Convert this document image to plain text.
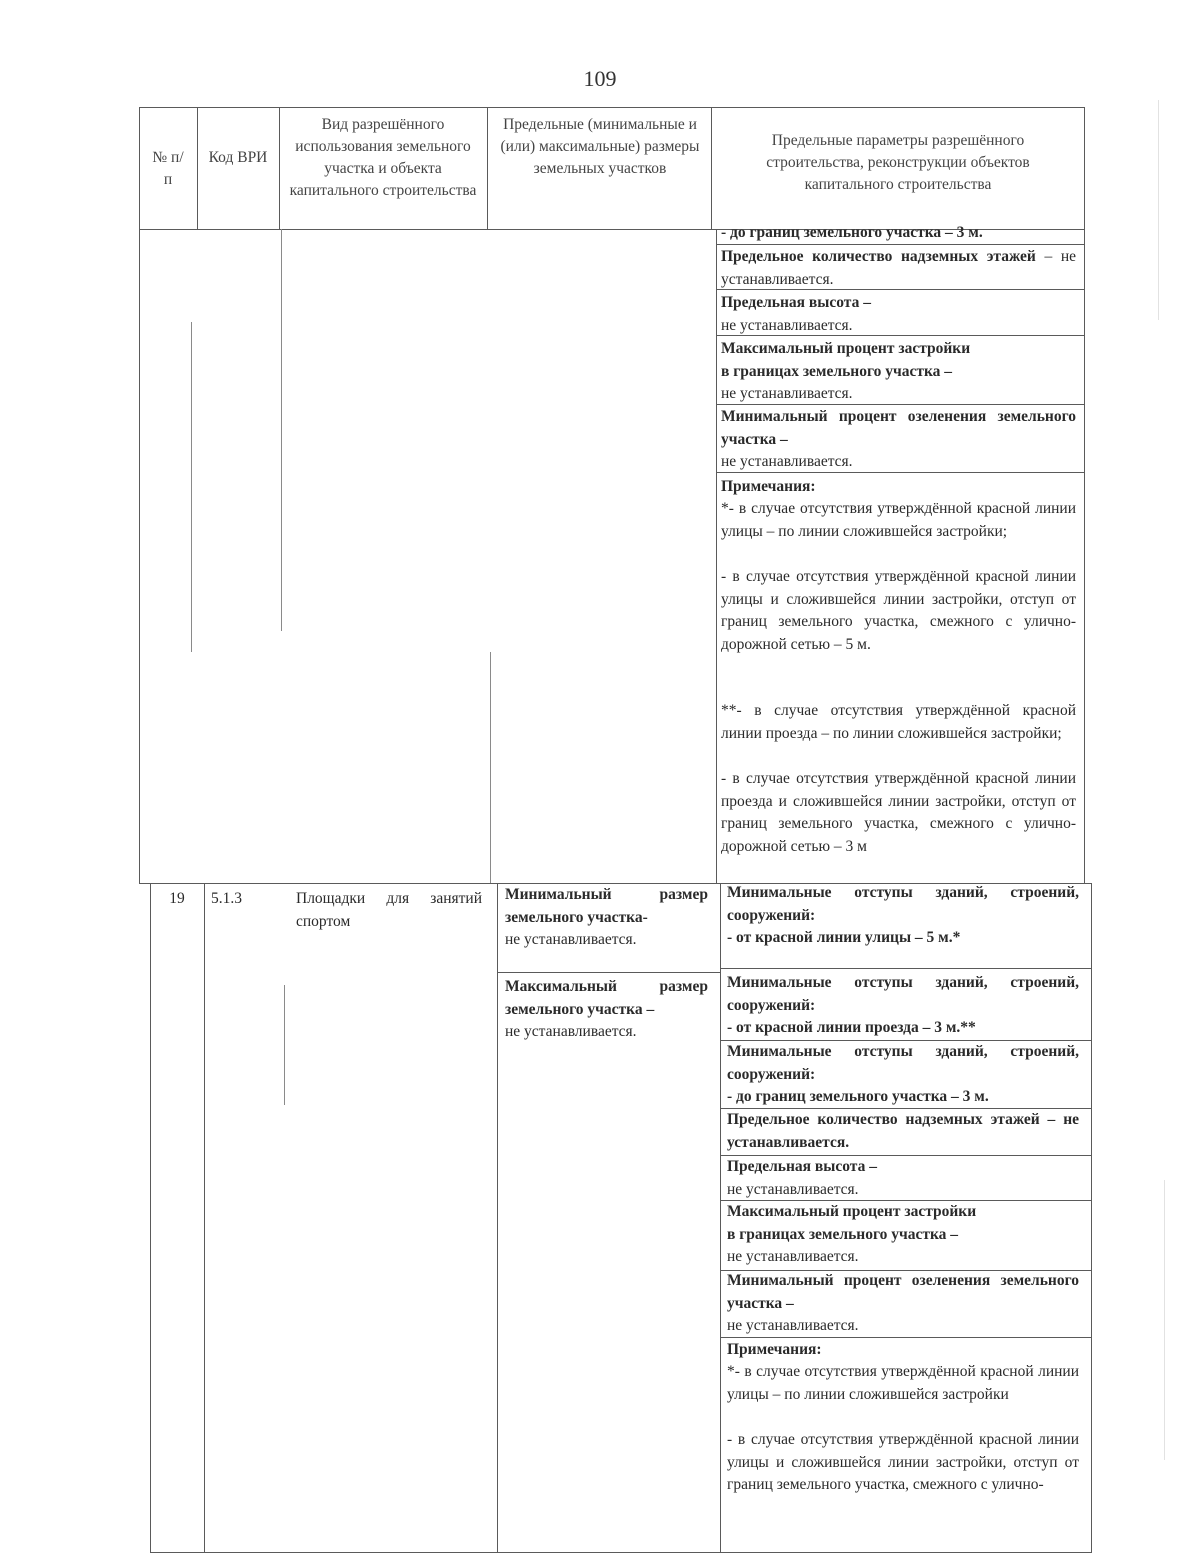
109
№ п/п
Код ВРИ
Вид разрешённого использования земельного участка и объекта капитального строительства
Предельные (минимальные и (или) максимальные) размеры земельных участков
Предельные параметры разрешённого строительства, реконструкции объектов капитального строительства
- до границ земельного участка – 3 м.
Предельное количество надземных этажей – не устанавливается.
Предельная высота –
не устанавливается.
Максимальный процент застройки
в границах земельного участка –
не устанавливается.
Минимальный процент озеленения земельного участка –
не устанавливается.
Примечания:
*- в случае отсутствия утверждённой красной линии улицы – по линии сложившейся застройки;
- в случае отсутствия утверждённой красной линии улицы и сложившейся линии застройки, отступ от границ земельного участка, смежного с улично-дорожной сетью – 5 м.
**- в случае отсутствия утверждённой красной линии проезда – по линии сложившейся застройки;
- в случае отсутствия утверждённой красной линии проезда и сложившейся линии застройки, отступ от границ земельного участка, смежного с улично-дорожной сетью – 3 м
19	5.1.3	Площадки для занятий спортом
Минимальный размер земельного участка-
не устанавливается.
Максимальный размер земельного участка –
не устанавливается.
Минимальные отступы зданий, строений, сооружений:
- от красной линии улицы – 5 м.*
Минимальные отступы зданий, строений, сооружений:
- от красной линии проезда – 3 м.**
Минимальные отступы зданий, строений, сооружений:
- до границ земельного участка – 3 м.
Предельное количество надземных этажей – не устанавливается.
Предельная высота –
не устанавливается.
Максимальный процент застройки
в границах земельного участка –
не устанавливается.
Минимальный процент озеленения земельного участка –
не устанавливается.
Примечания:
*- в случае отсутствия утверждённой красной линии улицы – по линии сложившейся застройки
- в случае отсутствия утверждённой красной линии улицы и сложившейся линии застройки, отступ от границ земельного участка, смежного с улично-
